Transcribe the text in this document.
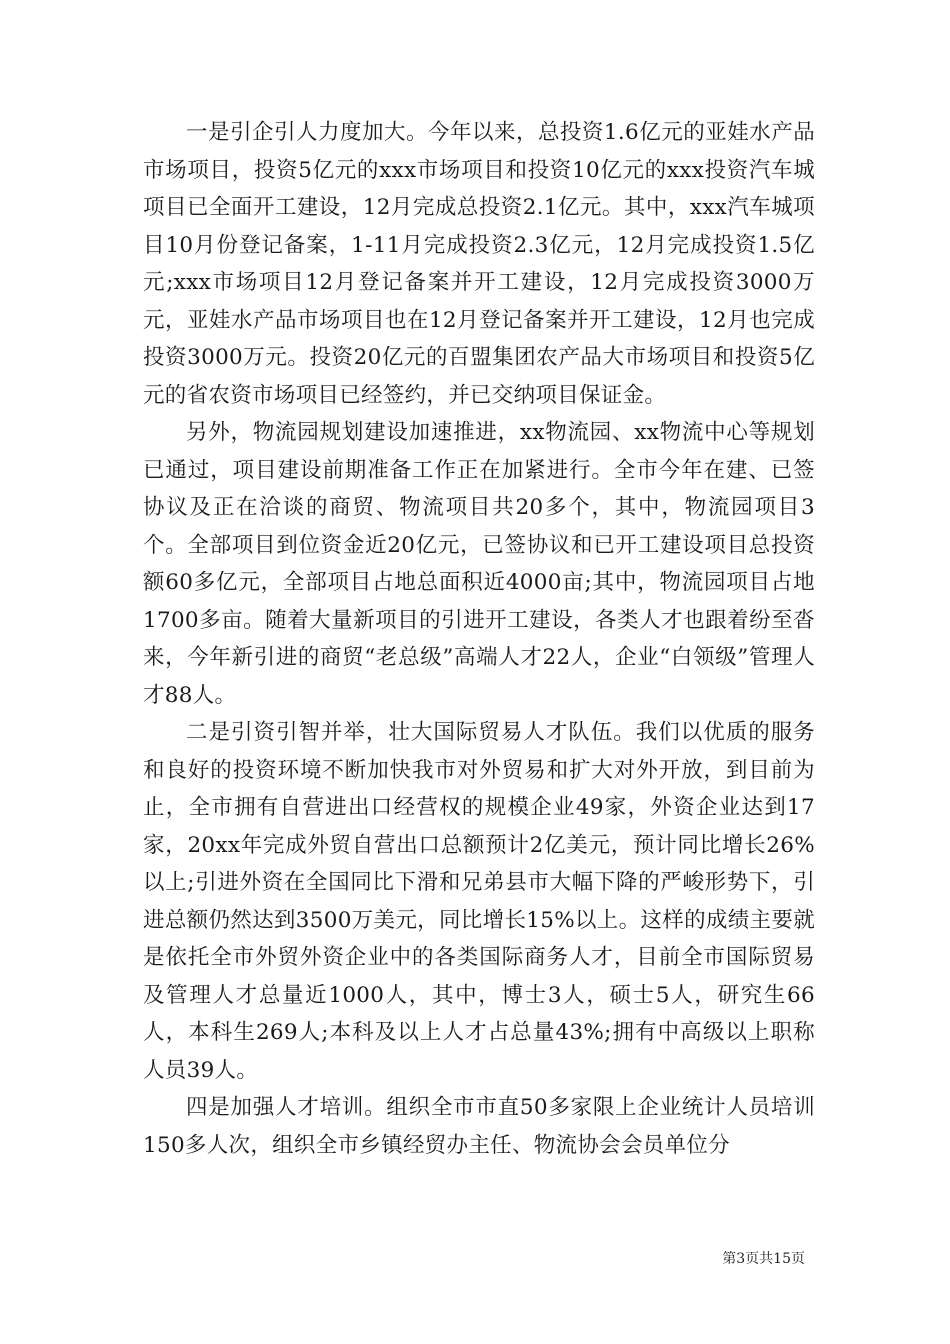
一是引企引人力度加大。今年以来，总投资1.6亿元的亚娃水产品市场项目，投资5亿元的xxx市场项目和投资10亿元的xxx投资汽车城项目已全面开工建设，12月完成总投资2.1亿元。其中，xxx汽车城项目10月份登记备案，1-11月完成投资2.3亿元，12月完成投资1.5亿元;xxx市场项目12月登记备案并开工建设，12月完成投资3000万元，亚娃水产品市场项目也在12月登记备案并开工建设，12月也完成投资3000万元。投资20亿元的百盟集团农产品大市场项目和投资5亿元的省农资市场项目已经签约，并已交纳项目保证金。

另外，物流园规划建设加速推进，xx物流园、xx物流中心等规划已通过，项目建设前期准备工作正在加紧进行。全市今年在建、已签协议及正在洽谈的商贸、物流项目共20多个，其中，物流园项目3个。全部项目到位资金近20亿元，已签协议和已开工建设项目总投资额60多亿元，全部项目占地总面积近4000亩;其中，物流园项目占地1700多亩。随着大量新项目的引进开工建设，各类人才也跟着纷至沓来，今年新引进的商贸“老总级”高端人才22人，企业“白领级”管理人才88人。

二是引资引智并举，壮大国际贸易人才队伍。我们以优质的服务和良好的投资环境不断加快我市对外贸易和扩大对外开放，到目前为止，全市拥有自营进出口经营权的规模企业49家，外资企业达到17家，20xx年完成外贸自营出口总额预计2亿美元，预计同比增长26%以上;引进外资在全国同比下滑和兄弟县市大幅下降的严峻形势下，引进总额仍然达到3500万美元，同比增长15%以上。这样的成绩主要就是依托全市外贸外资企业中的各类国际商务人才，目前全市国际贸易及管理人才总量近1000人，其中，博士3人，硕士5人，研究生66人，本科生269人;本科及以上人才占总量43%;拥有中高级以上职称人员39人。

四是加强人才培训。组织全市市直50多家限上企业统计人员培训150多人次，组织全市乡镇经贸办主任、物流协会会员单位分

第3页共15页
